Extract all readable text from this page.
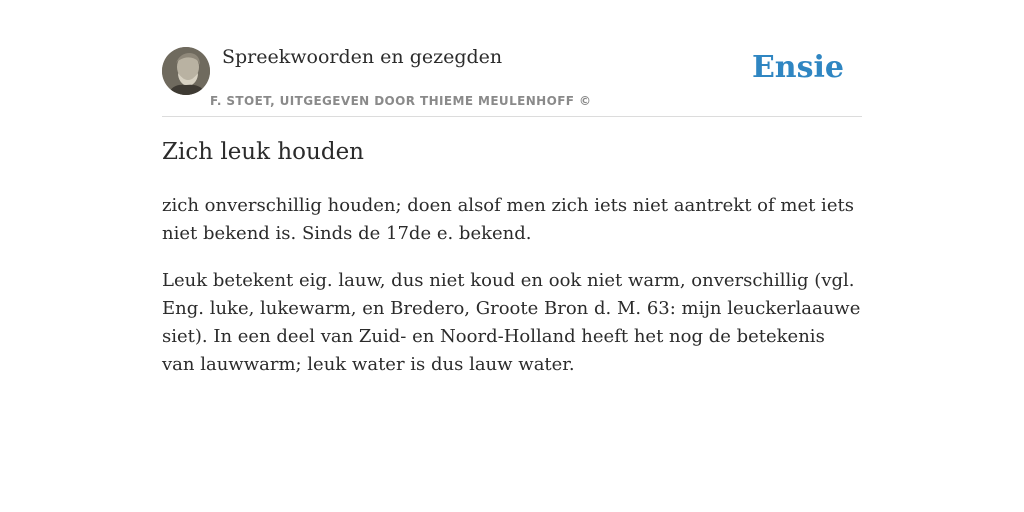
Spreekwoorden en gezegden
F. STOET, UITGEGEVEN DOOR THIEME MEULENHOFF ©
Ensie
Zich leuk houden

zich onverschillig houden; doen alsof men zich iets niet aantrekt of met iets niet bekend is. Sinds de 17de e. bekend.

Leuk betekent eig. lauw, dus niet koud en ook niet warm, onverschillig (vgl. Eng. luke, lukewarm, en Bredero, Groote Bron d. M. 63: mijn leuckerlaauwe siet). In een deel van Zuid- en Noord-Holland heeft het nog de betekenis van lauwwarm; leuk water is dus lauw water.
